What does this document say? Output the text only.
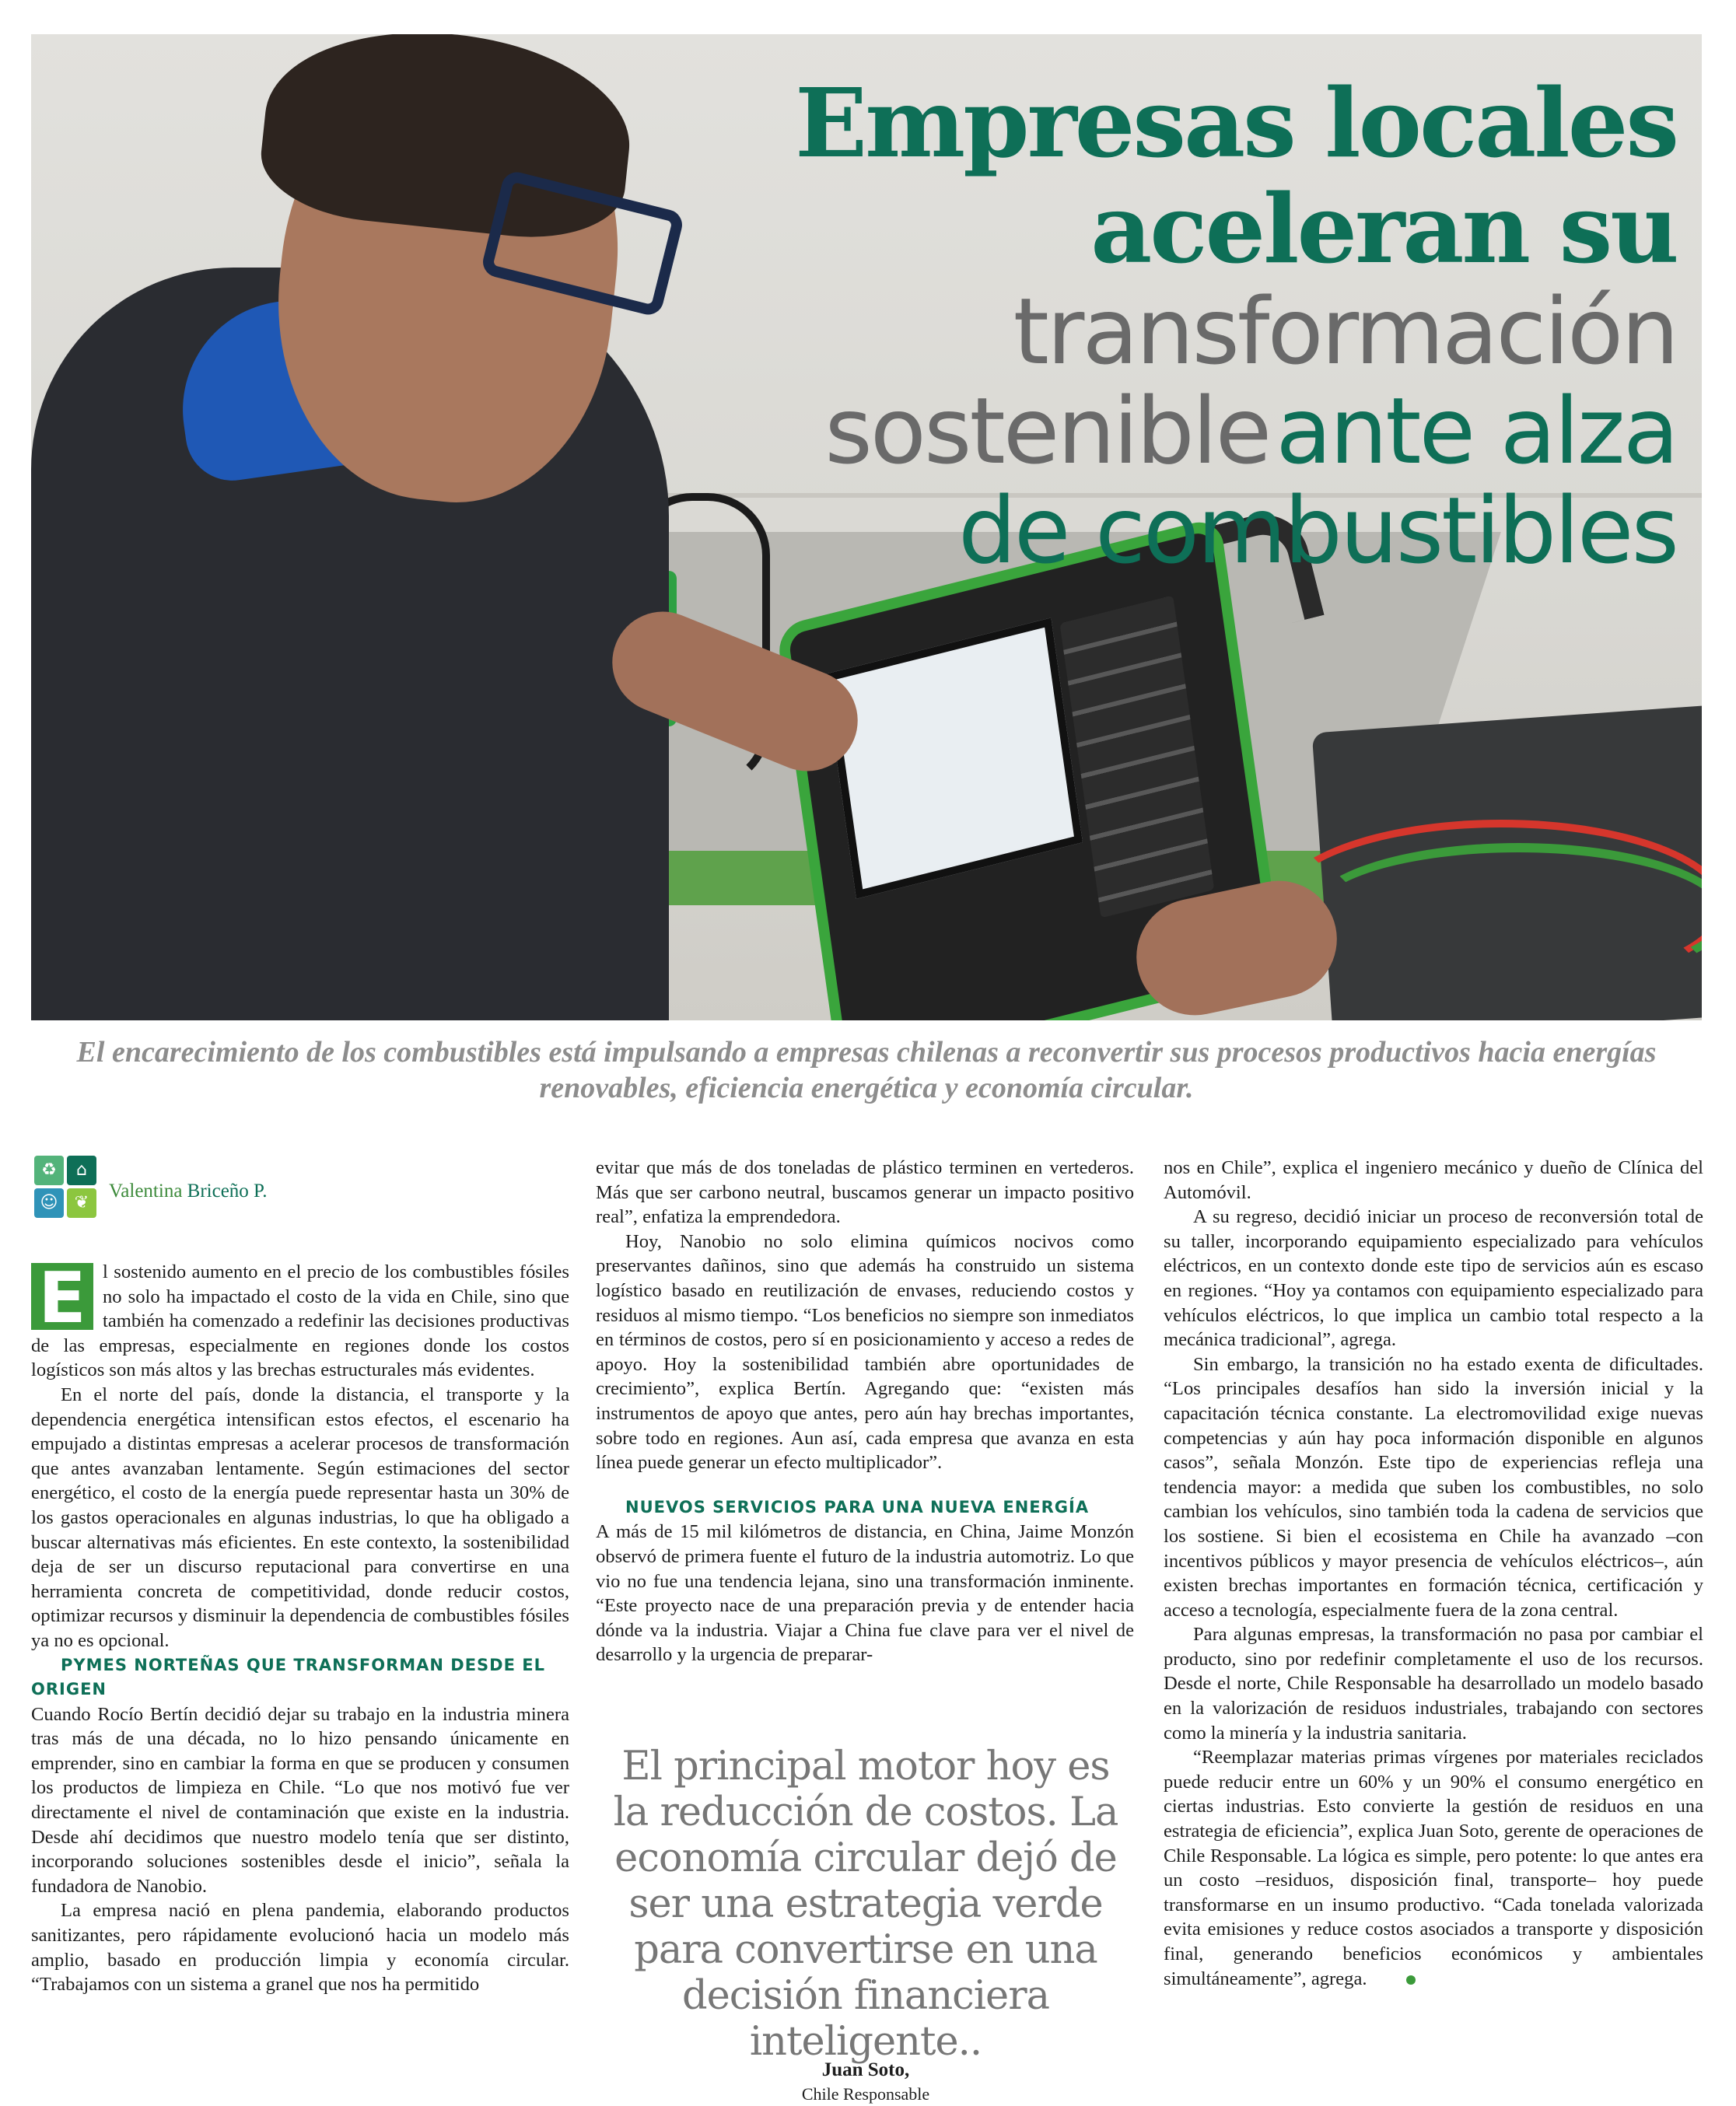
Empresas locales
aceleran su
transformación
sostenible ante alza
de combustibles

El encarecimiento de los combustibles está impulsando a empresas chilenas a reconvertir sus procesos productivos hacia energías renovables, eficiencia energética y economía circular.

♻	⌂
☺ ❦

Valentina Briceño P.

E l sostenido aumento en el precio de los combustibles fósiles no solo ha impactado el costo de la vida en Chile, sino que también ha comenzado a redefinir las decisiones productivas de las empresas, especialmente en regiones donde los costos logísticos son más altos y las brechas estructurales más evidentes.

En el norte del país, donde la distancia, el transporte y la dependencia energética intensifican estos efectos, el escenario ha empujado a distintas empresas a acelerar procesos de transformación que antes avanzaban lentamente. Según estimaciones del sector energético, el costo de la energía puede representar hasta un 30% de los gastos operacionales en algunas industrias, lo que ha obligado a buscar alternativas más eficientes. En este contexto, la sostenibilidad deja de ser un discurso reputacional para convertirse en una herramienta concreta de competitividad, donde reducir costos, optimizar recursos y disminuir la dependencia de combustibles fósiles ya no es opcional.

PYMES NORTEÑAS QUE TRANSFORMAN DESDE EL ORIGEN

Cuando Rocío Bertín decidió dejar su trabajo en la industria minera tras más de una década, no lo hizo pensando únicamente en emprender, sino en cambiar la forma en que se producen y consumen los productos de limpieza en Chile. “Lo que nos motivó fue ver directamente el nivel de contaminación que existe en la industria. Desde ahí decidimos que nuestro modelo tenía que ser distinto, incorporando soluciones sostenibles desde el inicio”, señala la fundadora de Nanobio.

La empresa nació en plena pandemia, elaborando productos sanitizantes, pero rápidamente evolucionó hacia un modelo más amplio, basado en producción limpia y economía circular. “Trabajamos con un sistema a granel que nos ha permitido

evitar que más de dos toneladas de plástico terminen en vertederos. Más que ser carbono neutral, buscamos generar un impacto positivo real”, enfatiza la emprendedora.

Hoy, Nanobio no solo elimina químicos nocivos como preservantes dañinos, sino que además ha construido un sistema logístico basado en reutilización de envases, reduciendo costos y residuos al mismo tiempo. “Los beneficios no siempre son inmediatos en términos de costos, pero sí en posicionamiento y acceso a redes de apoyo. Hoy la sostenibilidad también abre oportunidades de crecimiento”, explica Bertín. Agregando que: “existen más instrumentos de apoyo que antes, pero aún hay brechas importantes, sobre todo en regiones. Aun así, cada empresa que avanza en esta línea puede generar un efecto multiplicador”.

NUEVOS SERVICIOS PARA UNA NUEVA ENERGÍA

A más de 15 mil kilómetros de distancia, en China, Jaime Monzón observó de primera fuente el futuro de la industria automotriz. Lo que vio no fue una tendencia lejana, sino una transformación inminente. “Este proyecto nace de una preparación previa y de entender hacia dónde va la industria. Viajar a China fue clave para ver el nivel de desarrollo y la urgencia de preparar-

El principal motor hoy es la reducción de costos. La economía circular dejó de ser una estrategia verde para convertirse en una decisión financiera inteligente..

Juan Soto,

Chile Responsable

nos en Chile”, explica el ingeniero mecánico y dueño de Clínica del Automóvil.

A su regreso, decidió iniciar un proceso de reconversión total de su taller, incorporando equipamiento especializado para vehículos eléctricos, en un contexto donde este tipo de servicios aún es escaso en regiones. “Hoy ya contamos con equipamiento especializado para vehículos eléctricos, lo que implica un cambio total respecto a la mecánica tradicional”, agrega.

Sin embargo, la transición no ha estado exenta de dificultades. “Los principales desafíos han sido la inversión inicial y la capacitación técnica constante. La electromovilidad exige nuevas competencias y aún hay poca información disponible en algunos casos”, señala Monzón. Este tipo de experiencias refleja una tendencia mayor: a medida que suben los combustibles, no solo cambian los vehículos, sino también toda la cadena de servicios que los sostiene. Si bien el ecosistema en Chile ha avanzado –con incentivos públicos y mayor presencia de vehículos eléctricos–, aún existen brechas importantes en formación técnica, certificación y acceso a tecnología, especialmente fuera de la zona central.

Para algunas empresas, la transformación no pasa por cambiar el producto, sino por redefinir completamente el uso de los recursos. Desde el norte, Chile Responsable ha desarrollado un modelo basado en la valorización de residuos industriales, trabajando con sectores como la minería y la industria sanitaria.

“Reemplazar materias primas vírgenes por materiales reciclados puede reducir entre un 60% y un 90% el consumo energético en ciertas industrias. Esto convierte la gestión de residuos en una estrategia de eficiencia”, explica Juan Soto, gerente de operaciones de Chile Responsable. La lógica es simple, pero potente: lo que antes era un costo –residuos, disposición final, transporte– hoy puede transformarse en un insumo productivo. “Cada tonelada valorizada evita emisiones y reduce costos asociados a transporte y disposición final, generando beneficios económicos y ambientales simultáneamente”, agrega.
